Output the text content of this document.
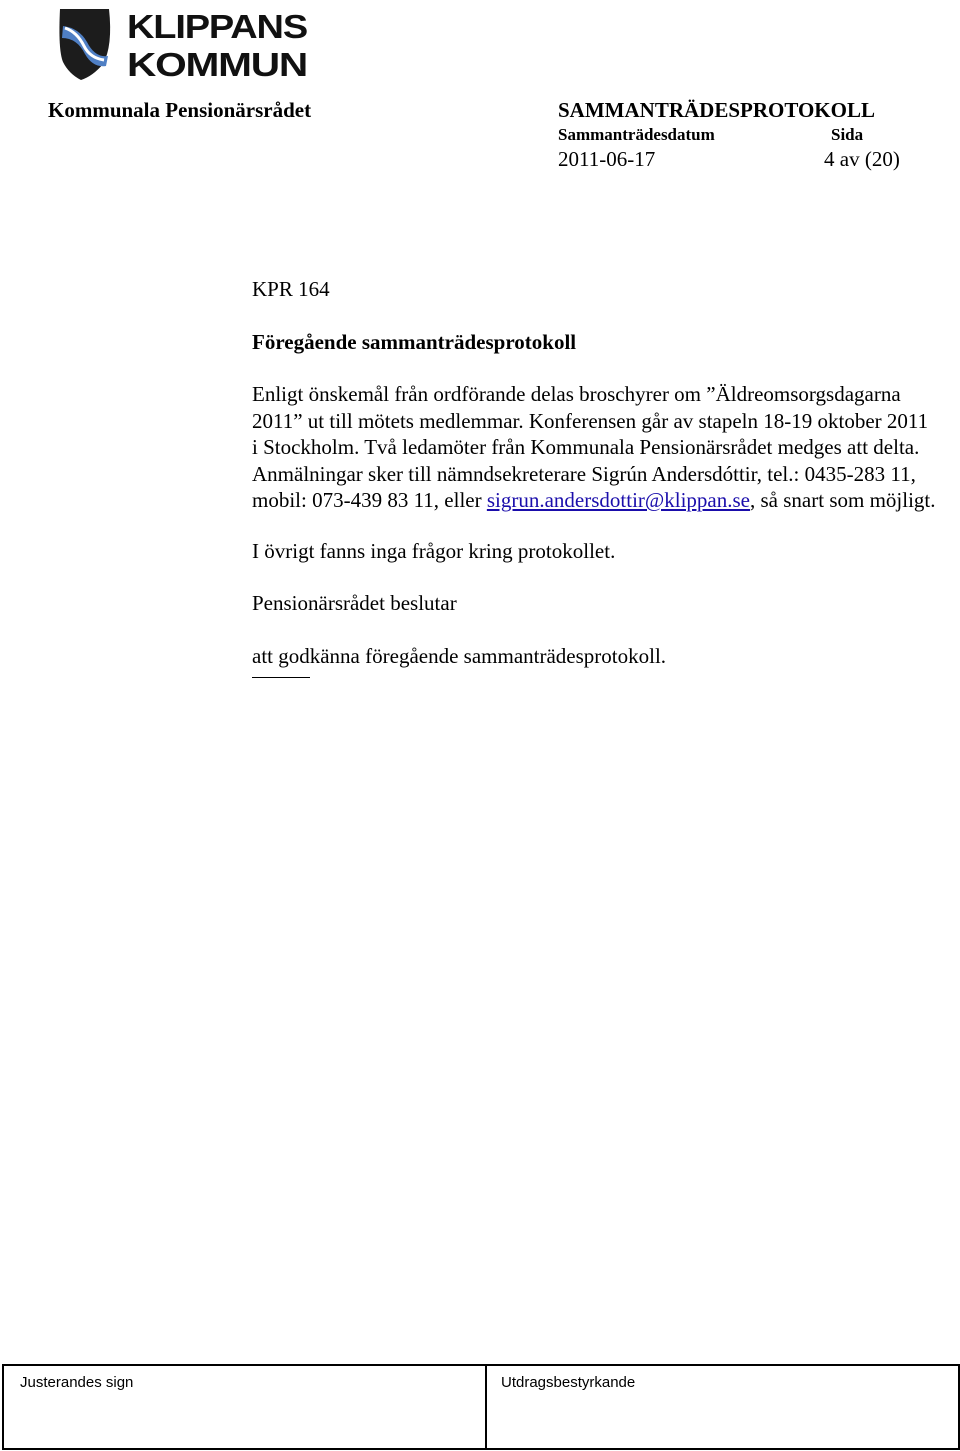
KLIPPANS
KOMMUN
Kommunala Pensionärsrådet	SAMMANTRÄDESPROTOKOLL
Sammanträdesdatum	Sida
2011-06-17	4 av (20)

KPR 164

Föregående sammanträdesprotokoll

Enligt önskemål från ordförande delas broschyrer om ”Äldreomsorgsdagarna 2011” ut till mötets medlemmar. Konferensen går av stapeln 18-19 oktober 2011 i Stockholm. Två ledamöter från Kommunala Pensionärsrådet medges att delta. Anmälningar sker till nämndsekreterare Sigrún Andersdóttir, tel.: 0435-283 11, mobil: 073-439 83 11, eller sigrun.andersdottir@klippan.se, så snart som möjligt.

I övrigt fanns inga frågor kring protokollet.

Pensionärsrådet beslutar

att godkänna föregående sammanträdesprotokoll.

Justerandes sign	Utdragsbestyrkande
